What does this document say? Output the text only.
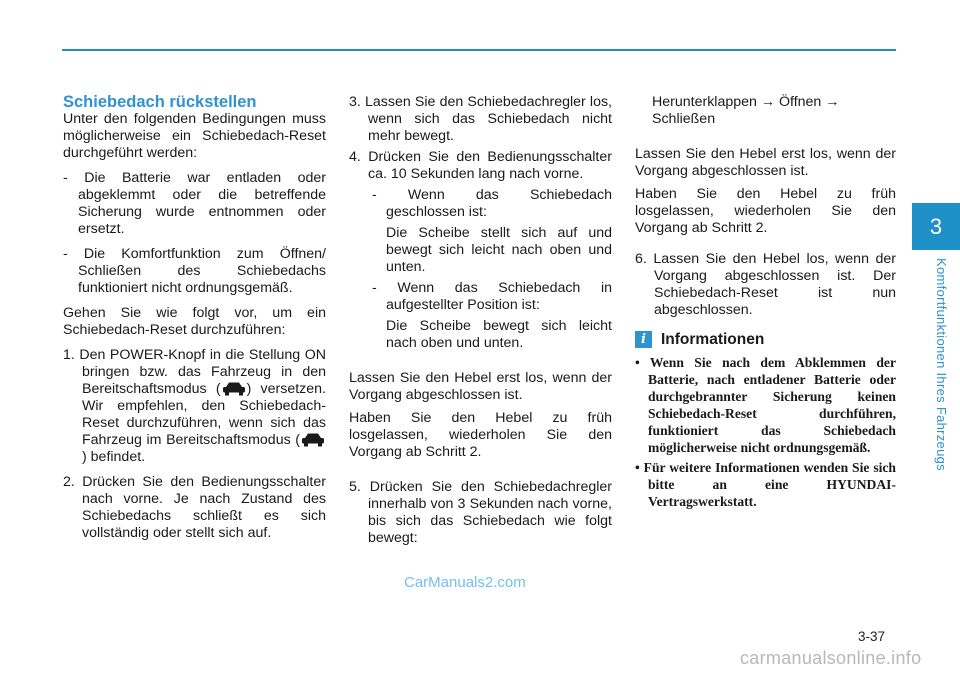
Schiebedach rückstellen

Unter den folgenden Bedingungen muss möglicherweise ein Schiebedach-Reset durchgeführt werden:

- Die Batterie war entladen oder abgeklemmt oder die betreffende Sicherung wurde entnommen oder ersetzt.

- Die Komfortfunktion zum Öffnen/ Schließen des Schiebedachs funktioniert nicht ordnungsgemäß.

Gehen Sie wie folgt vor, um ein Schiebedach-Reset durchzuführen:

1. Den POWER-Knopf in die Stellung ON bringen bzw. das Fahrzeug in den Bereitschaftsmodus ( ) versetzen. Wir empfehlen, den Schiebedach-Reset durchzuführen, wenn sich das Fahrzeug im Bereitschaftsmodus () befindet.

2. Drücken Sie den Bedienungsschalter nach vorne. Je nach Zustand des Schiebedachs schließt es sich vollständig oder stellt sich auf.

3. Lassen Sie den Schiebedachregler los, wenn sich das Schiebedach nicht mehr bewegt.

4. Drücken Sie den Bedienungsschalter ca. 10 Sekunden lang nach vorne.

- Wenn das Schiebedach geschlossen ist:

Die Scheibe stellt sich auf und bewegt sich leicht nach oben und unten.

- Wenn das Schiebedach in aufgestellter Position ist:

Die Scheibe bewegt sich leicht nach oben und unten.

Lassen Sie den Hebel erst los, wenn der Vorgang abgeschlossen ist.

Haben Sie den Hebel zu früh losgelassen, wiederholen Sie den Vorgang ab Schritt 2.

5. Drücken Sie den Schiebedachregler innerhalb von 3 Sekunden nach vorne, bis sich das Schiebedach wie folgt bewegt:

Herunterklappen → Öffnen → Schließen

Lassen Sie den Hebel erst los, wenn der Vorgang abgeschlossen ist.

Haben Sie den Hebel zu früh losgelassen, wiederholen Sie den Vorgang ab Schritt 2.

6. Lassen Sie den Hebel los, wenn der Vorgang abgeschlossen ist. Der Schiebedach-Reset ist nun abgeschlossen.

i Informationen

• Wenn Sie nach dem Abklemmen der Batterie, nach entladener Batterie oder durchgebrannter Sicherung keinen Schiebedach-Reset durchführen, funktioniert das Schiebedach möglicherweise nicht ordnungsgemäß.

• Für weitere Informationen wenden Sie sich bitte an eine HYUNDAI-Vertragswerkstatt.

3
Komfortfunktionen Ihres Fahrzeugs
3-37
CarManuals2.com
carmanualsonline.info
